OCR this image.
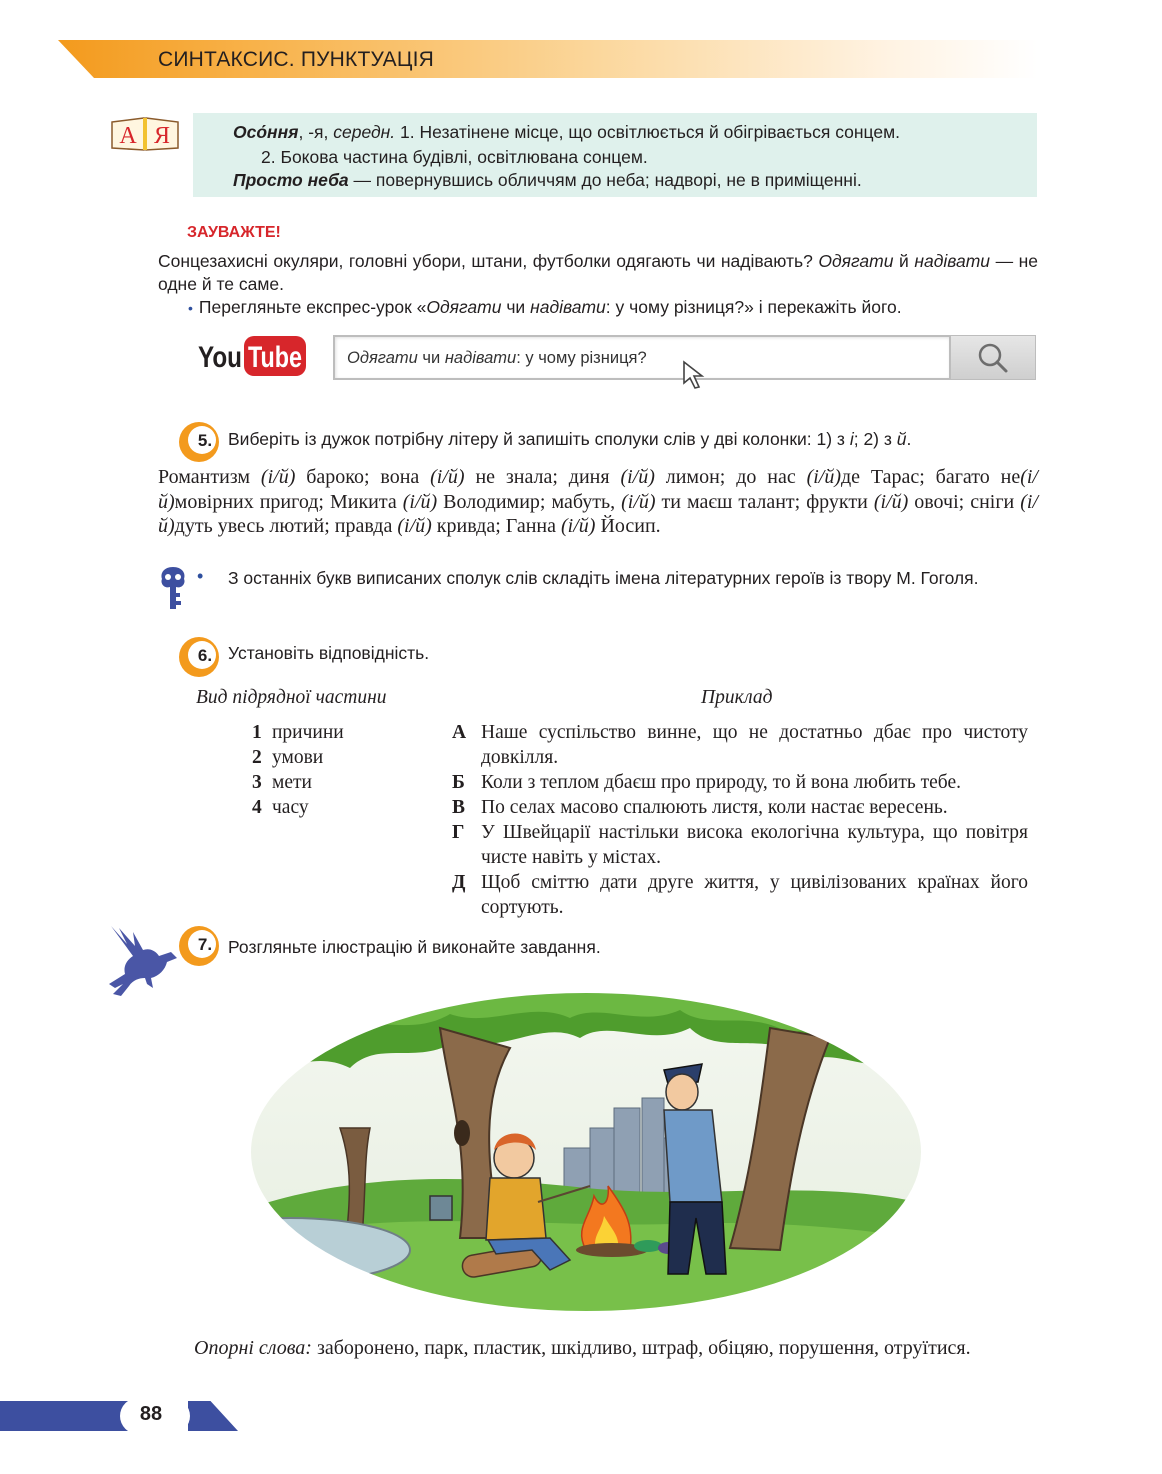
СИНТАКСИС. ПУНКТУАЦІЯ
А Я	Осо́ння, -я, середн. 1. Незатінене місце, що освітлюється й обігрівається сонцем.
2. Бокова частина будівлі, освітлювана сонцем.
Просто неба — повернувшись обличчям до неба; надворі, не в приміщенні.
ЗАУВАЖТЕ!
Сонцезахисні окуляри, головні убори, штани, футболки одягають чи надівають? Одягати й надівати — не одне й те саме.
• Перегляньте експрес-урок «Одягати чи надівати: у чому різниця?» і перекажіть його.
You Tube	Одягати чи надівати: у чому різниця?
5. Виберіть із дужок потрібну літеру й запишіть сполуки слів у дві колонки: 1) з і; 2) з й.
Романтизм (і/й) бароко; вона (і/й) не знала; диня (і/й) лимон; до нас (і/й)де Тарас; багато не(і/й)мовірних пригод; Микита (і/й) Володимир; мабуть, (і/й) ти маєш талант; фрукти (і/й) овочі; сніги (і/й)дуть увесь лютий; правда (і/й) кривда; Ганна (і/й) Йосип.
• З останніх букв виписаних сполук слів складіть імена літературних героїв із твору М. Гоголя.
6. Установіть відповідність.
Вид підрядної частини	Приклад
1 причини
2 умови
3 мети
4 часу
А Наше суспільство винне, що не достатньо дбає про чистоту довкілля.
Б Коли з теплом дбаєш про природу, то й вона любить тебе.
В По селах масово спалюють листя, коли настає вересень.
Г У Швейцарії настільки висока екологічна культура, що повітря чисте навіть у містах.
Д Щоб сміттю дати друге життя, у цивілізованих країнах його сортують.
7. Розгляньте ілюстрацію й виконайте завдання.
Опорні слова: заборонено, парк, пластик, шкідливо, штраф, обіцяю, порушення, отруїтися.
88
